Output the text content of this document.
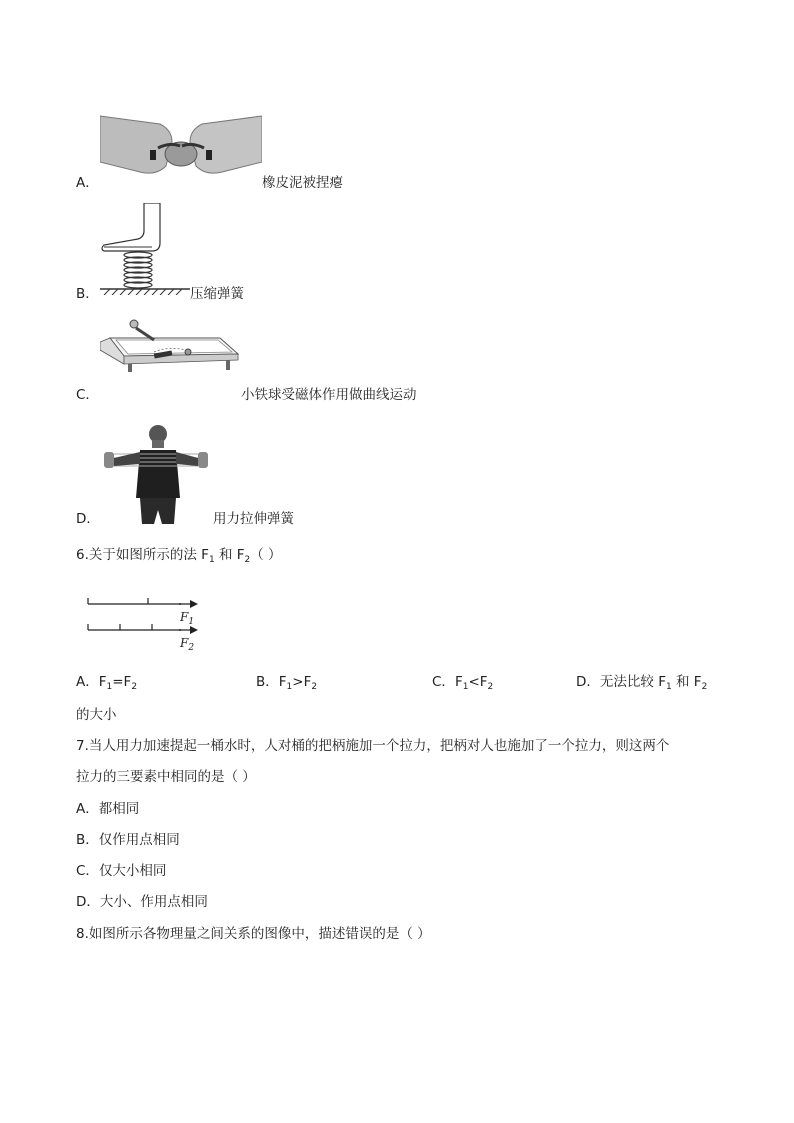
A．	橡皮泥被捏瘪
B．	压缩弹簧
C．	小铁球受磁体作用做曲线运动
D．	用力拉伸弹簧
6.关于如图所示的法 $F_1$ 和 $F_2$（ ）
$F_1$
$F_2$
A．$F_1=F_2$	B．$F_1>F_2$	C．$F_1<F_2$	D．无法比较 $F_1$ 和 $F_2$
的大小
7.当人用力加速提起一桶水时，人对桶的把柄施加一个拉力，把柄对人也施加了一个拉力，则这两个
拉力的三要素中相同的是（ ）
A．都相同
B．仅作用点相同
C．仅大小相同
D．大小、作用点相同
8.如图所示各物理量之间关系的图像中，描述错误的是（ ）
